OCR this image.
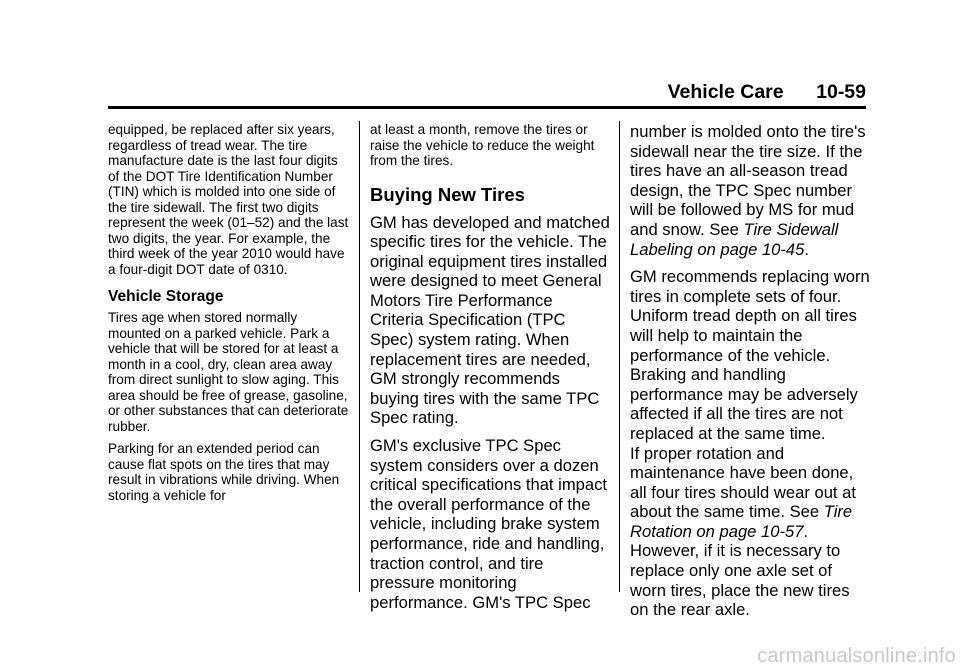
Vehicle Care 10-59

equipped, be replaced after six years, regardless of tread wear. The tire manufacture date is the last four digits of the DOT Tire Identification Number (TIN) which is molded into one side of the tire sidewall. The first two digits represent the week (01–52) and the last two digits, the year. For example, the third week of the year 2010 would have a four-digit DOT date of 0310.

Vehicle Storage

Tires age when stored normally mounted on a parked vehicle. Park a vehicle that will be stored for at least a month in a cool, dry, clean area away from direct sunlight to slow aging. This area should be free of grease, gasoline, or other substances that can deteriorate rubber.

Parking for an extended period can cause flat spots on the tires that may result in vibrations while driving. When storing a vehicle for

at least a month, remove the tires or raise the vehicle to reduce the weight from the tires.

Buying New Tires

GM has developed and matched specific tires for the vehicle. The original equipment tires installed were designed to meet General Motors Tire Performance Criteria Specification (TPC Spec) system rating. When replacement tires are needed, GM strongly recommends buying tires with the same TPC Spec rating.

GM's exclusive TPC Spec system considers over a dozen critical specifications that impact the overall performance of the vehicle, including brake system performance, ride and handling, traction control, and tire pressure monitoring performance. GM's TPC Spec

number is molded onto the tire's sidewall near the tire size. If the tires have an all-season tread design, the TPC Spec number will be followed by MS for mud and snow. See Tire Sidewall Labeling on page 10‑45.

GM recommends replacing worn tires in complete sets of four. Uniform tread depth on all tires will help to maintain the performance of the vehicle. Braking and handling performance may be adversely affected if all the tires are not replaced at the same time.

If proper rotation and maintenance have been done, all four tires should wear out at about the same time. See Tire Rotation on page 10‑57. However, if it is necessary to replace only one axle set of worn tires, place the new tires on the rear axle.

carmanualsonline.info
